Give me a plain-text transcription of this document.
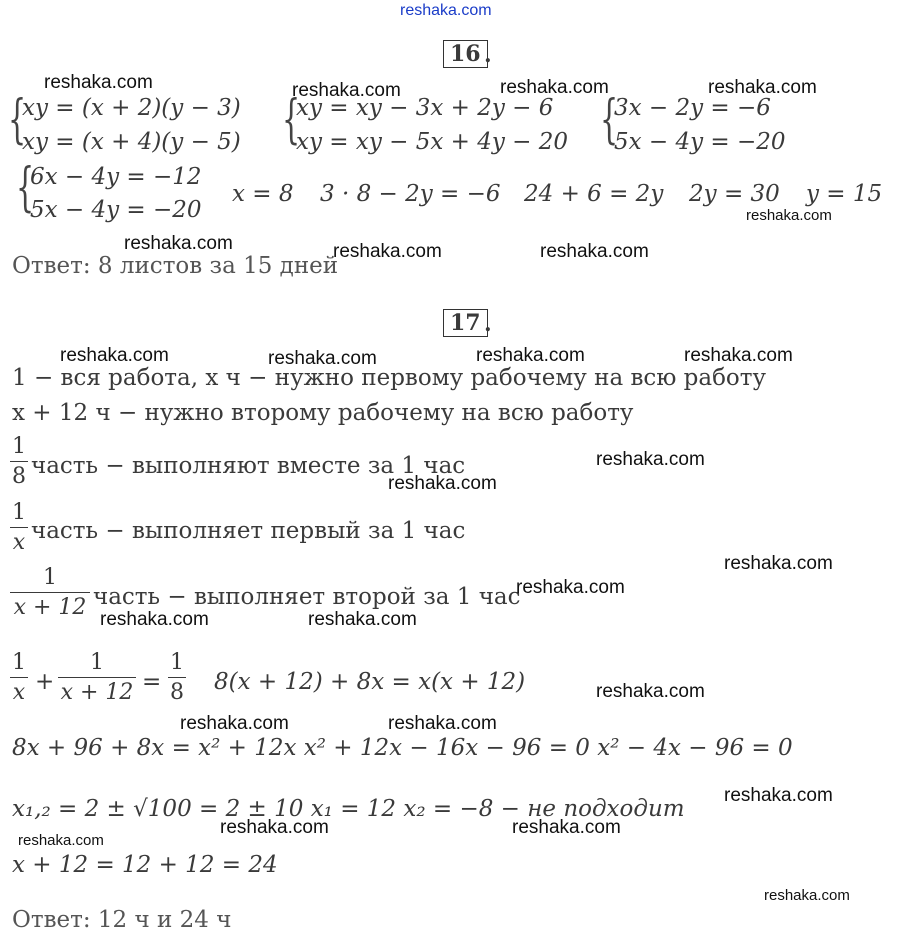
reshaka.com
16 .
reshaka.com	reshaka.com	reshaka.com	reshaka.com
{
xy = (x + 2)(y − 3)
xy = (x + 4)(y − 5) {
xy = xy − 3x + 2y − 6
xy = xy − 5x + 4y − 20 {
3x − 2y = −6
5x − 4y = −20
{
6x − 4y = −12
5x − 4y = −20
x = 8 3 · 8 − 2y = −6 24 + 6 = 2y 2y = 30 y = 15
reshaka.com
reshaka.com	reshaka.com	reshaka.com
Ответ: 8 листов за 15 дней
17 .
reshaka.com	reshaka.com	reshaka.com	reshaka.com
1 − вся работа, x ч − нужно первому рабочему на всю работу
x + 12 ч − нужно второму рабочему на всю работу
1
8 часть − выполняют вместе за 1 час	reshaka.com
reshaka.com
1
x часть − выполняет первый за 1 час
reshaka.com
1
x + 12 часть − выполняет второй за 1 час
reshaka.com
reshaka.com	reshaka.com
1
x +
1
x + 12 =
1
8 8(x + 12) + 8x = x(x + 12)	reshaka.com
reshaka.com	reshaka.com
8x + 96 + 8x = x² + 12x x² + 12x − 16x − 96 = 0 x² − 4x − 96 = 0
reshaka.com
x₁,₂ = 2 ± √100 = 2 ± 10 x₁ = 12 x₂ = −8 − не подходит
reshaka.com
reshaka.com	reshaka.com
x + 12 = 12 + 12 = 24
reshaka.com
Ответ: 12 ч и 24 ч
